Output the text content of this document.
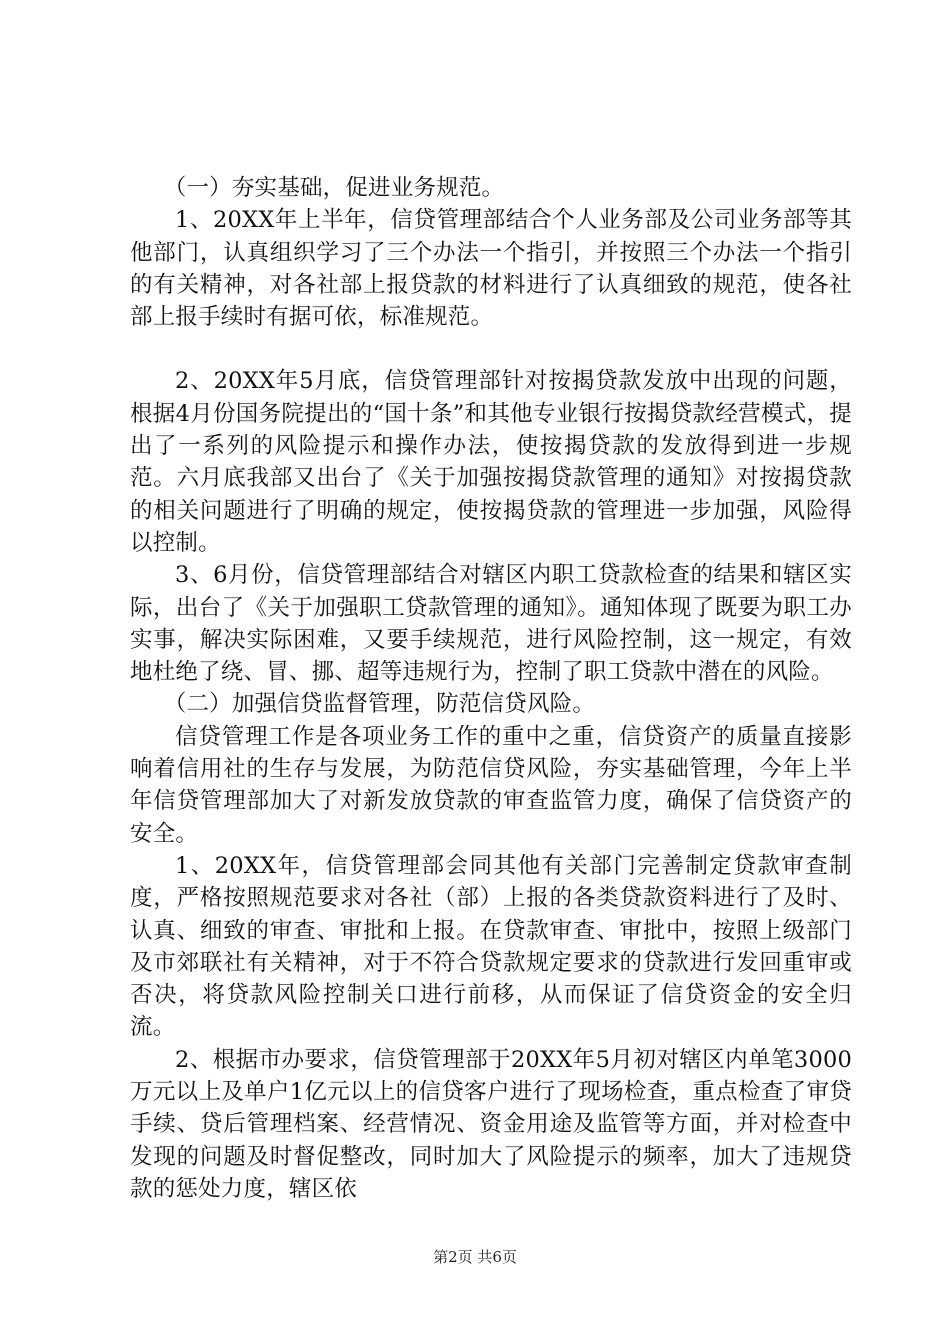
（一）夯实基础，促进业务规范。

1、20XX年上半年，信贷管理部结合个人业务部及公司业务部等其他部门，认真组织学习了三个办法一个指引，并按照三个办法一个指引的有关精神，对各社部上报贷款的材料进行了认真细致的规范，使各社部上报手续时有据可依，标准规范。

2、20XX年5月底，信贷管理部针对按揭贷款发放中出现的问题，根据4月份国务院提出的“国十条”和其他专业银行按揭贷款经营模式，提出了一系列的风险提示和操作办法，使按揭贷款的发放得到进一步规范。六月底我部又出台了《关于加强按揭贷款管理的通知》对按揭贷款的相关问题进行了明确的规定，使按揭贷款的管理进一步加强，风险得以控制。

3、6月份，信贷管理部结合对辖区内职工贷款检查的结果和辖区实际，出台了《关于加强职工贷款管理的通知》。通知体现了既要为职工办实事，解决实际困难，又要手续规范，进行风险控制，这一规定，有效地杜绝了绕、冒、挪、超等违规行为，控制了职工贷款中潜在的风险。

（二）加强信贷监督管理，防范信贷风险。

信贷管理工作是各项业务工作的重中之重，信贷资产的质量直接影响着信用社的生存与发展，为防范信贷风险，夯实基础管理，今年上半年信贷管理部加大了对新发放贷款的审查监管力度，确保了信贷资产的安全。

1、20XX年，信贷管理部会同其他有关部门完善制定贷款审查制度，严格按照规范要求对各社（部）上报的各类贷款资料进行了及时、认真、细致的审查、审批和上报。在贷款审查、审批中，按照上级部门及市郊联社有关精神，对于不符合贷款规定要求的贷款进行发回重审或否决，将贷款风险控制关口进行前移，从而保证了信贷资金的安全归流。

2、根据市办要求，信贷管理部于20XX年5月初对辖区内单笔3000万元以上及单户1亿元以上的信贷客户进行了现场检查，重点检查了审贷手续、贷后管理档案、经营情况、资金用途及监管等方面，并对检查中发现的问题及时督促整改，同时加大了风险提示的频率，加大了违规贷款的惩处力度，辖区依

第2页 共6页
